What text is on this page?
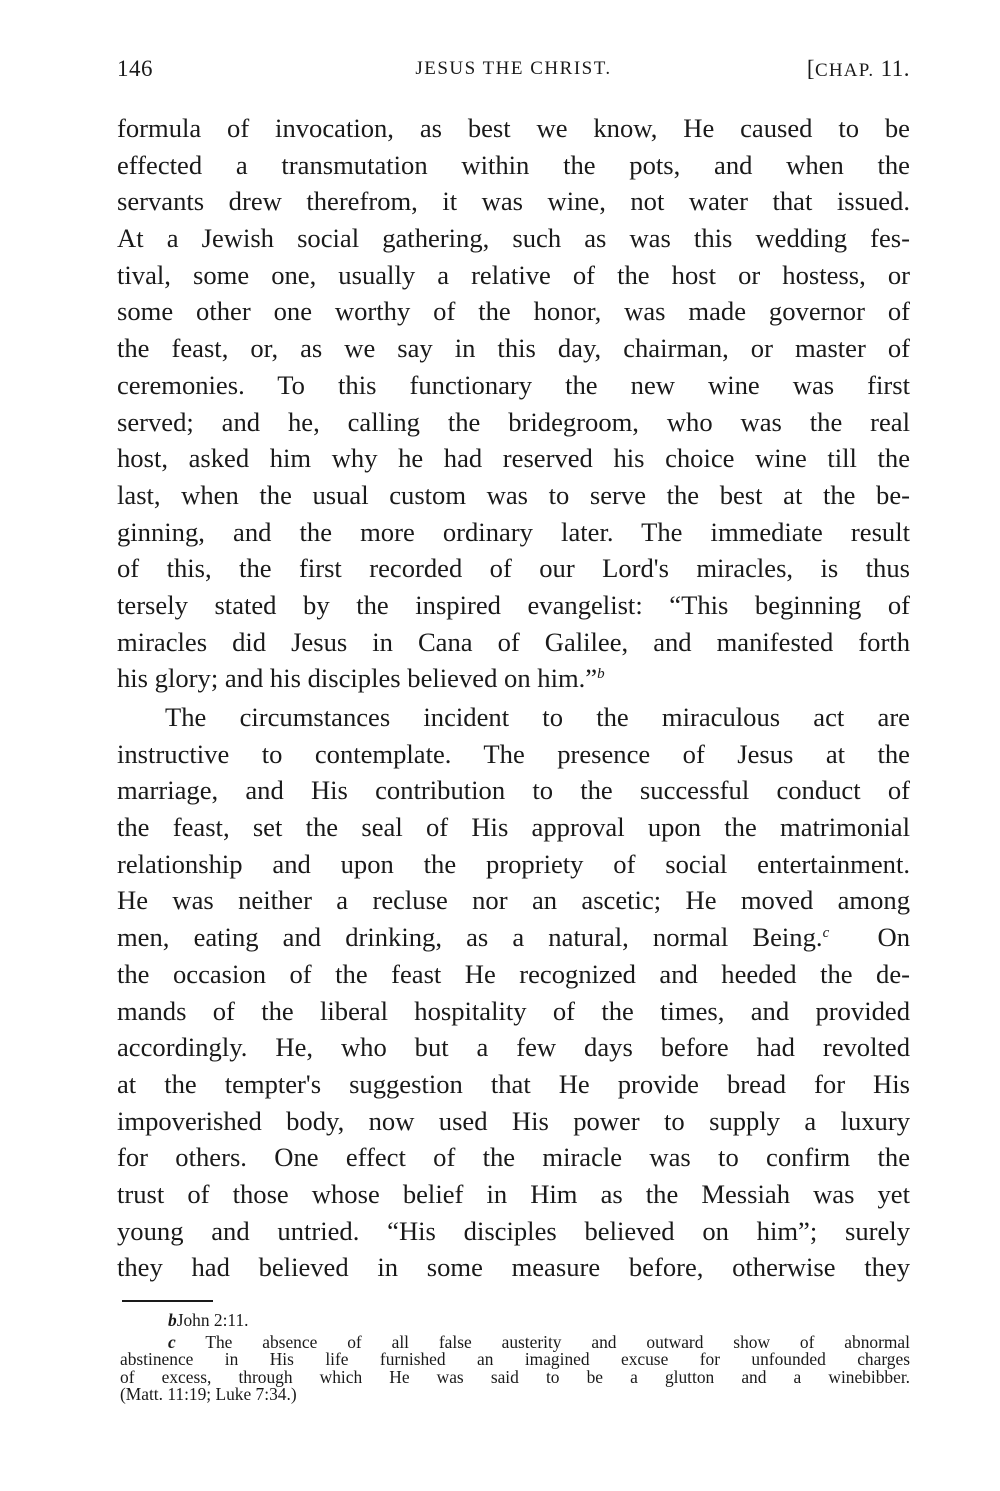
146	JESUS THE CHRIST.	[CHAP. 11.
formula of invocation, as best we know, He caused to be
effected a transmutation within the pots, and when the
servants drew therefrom, it was wine, not water that issued.
At a Jewish social gathering, such as was this wedding fes-
tival, some one, usually a relative of the host or hostess, or
some other one worthy of the honor, was made governor of
the feast, or, as we say in this day, chairman, or master of
ceremonies. To this functionary the new wine was first
served; and he, calling the bridegroom, who was the real
host, asked him why he had reserved his choice wine till the
last, when the usual custom was to serve the best at the be-
ginning, and the more ordinary later. The immediate result
of this, the first recorded of our Lord's miracles, is thus
tersely stated by the inspired evangelist: “This beginning of
miracles did Jesus in Cana of Galilee, and manifested forth
his glory; and his disciples believed on him.”$^b$
The circumstances incident to the miraculous act are
instructive to contemplate. The presence of Jesus at the
marriage, and His contribution to the successful conduct of
the feast, set the seal of His approval upon the matrimonial
relationship and upon the propriety of social entertainment.
He was neither a recluse nor an ascetic; He moved among
men, eating and drinking, as a natural, normal Being.$^c$ On
the occasion of the feast He recognized and heeded the de-
mands of the liberal hospitality of the times, and provided
accordingly. He, who but a few days before had revolted
at the tempter's suggestion that He provide bread for His
impoverished body, now used His power to supply a luxury
for others. One effect of the miracle was to confirm the
trust of those whose belief in Him as the Messiah was yet
young and untried. “His disciples believed on him”; surely
they had believed in some measure before, otherwise they
bJohn 2:11.
c The absence of all false austerity and outward show of abnormal
abstinence in His life furnished an imagined excuse for unfounded charges
of excess, through which He was said to be a glutton and a winebibber.
(Matt. 11:19; Luke 7:34.)
